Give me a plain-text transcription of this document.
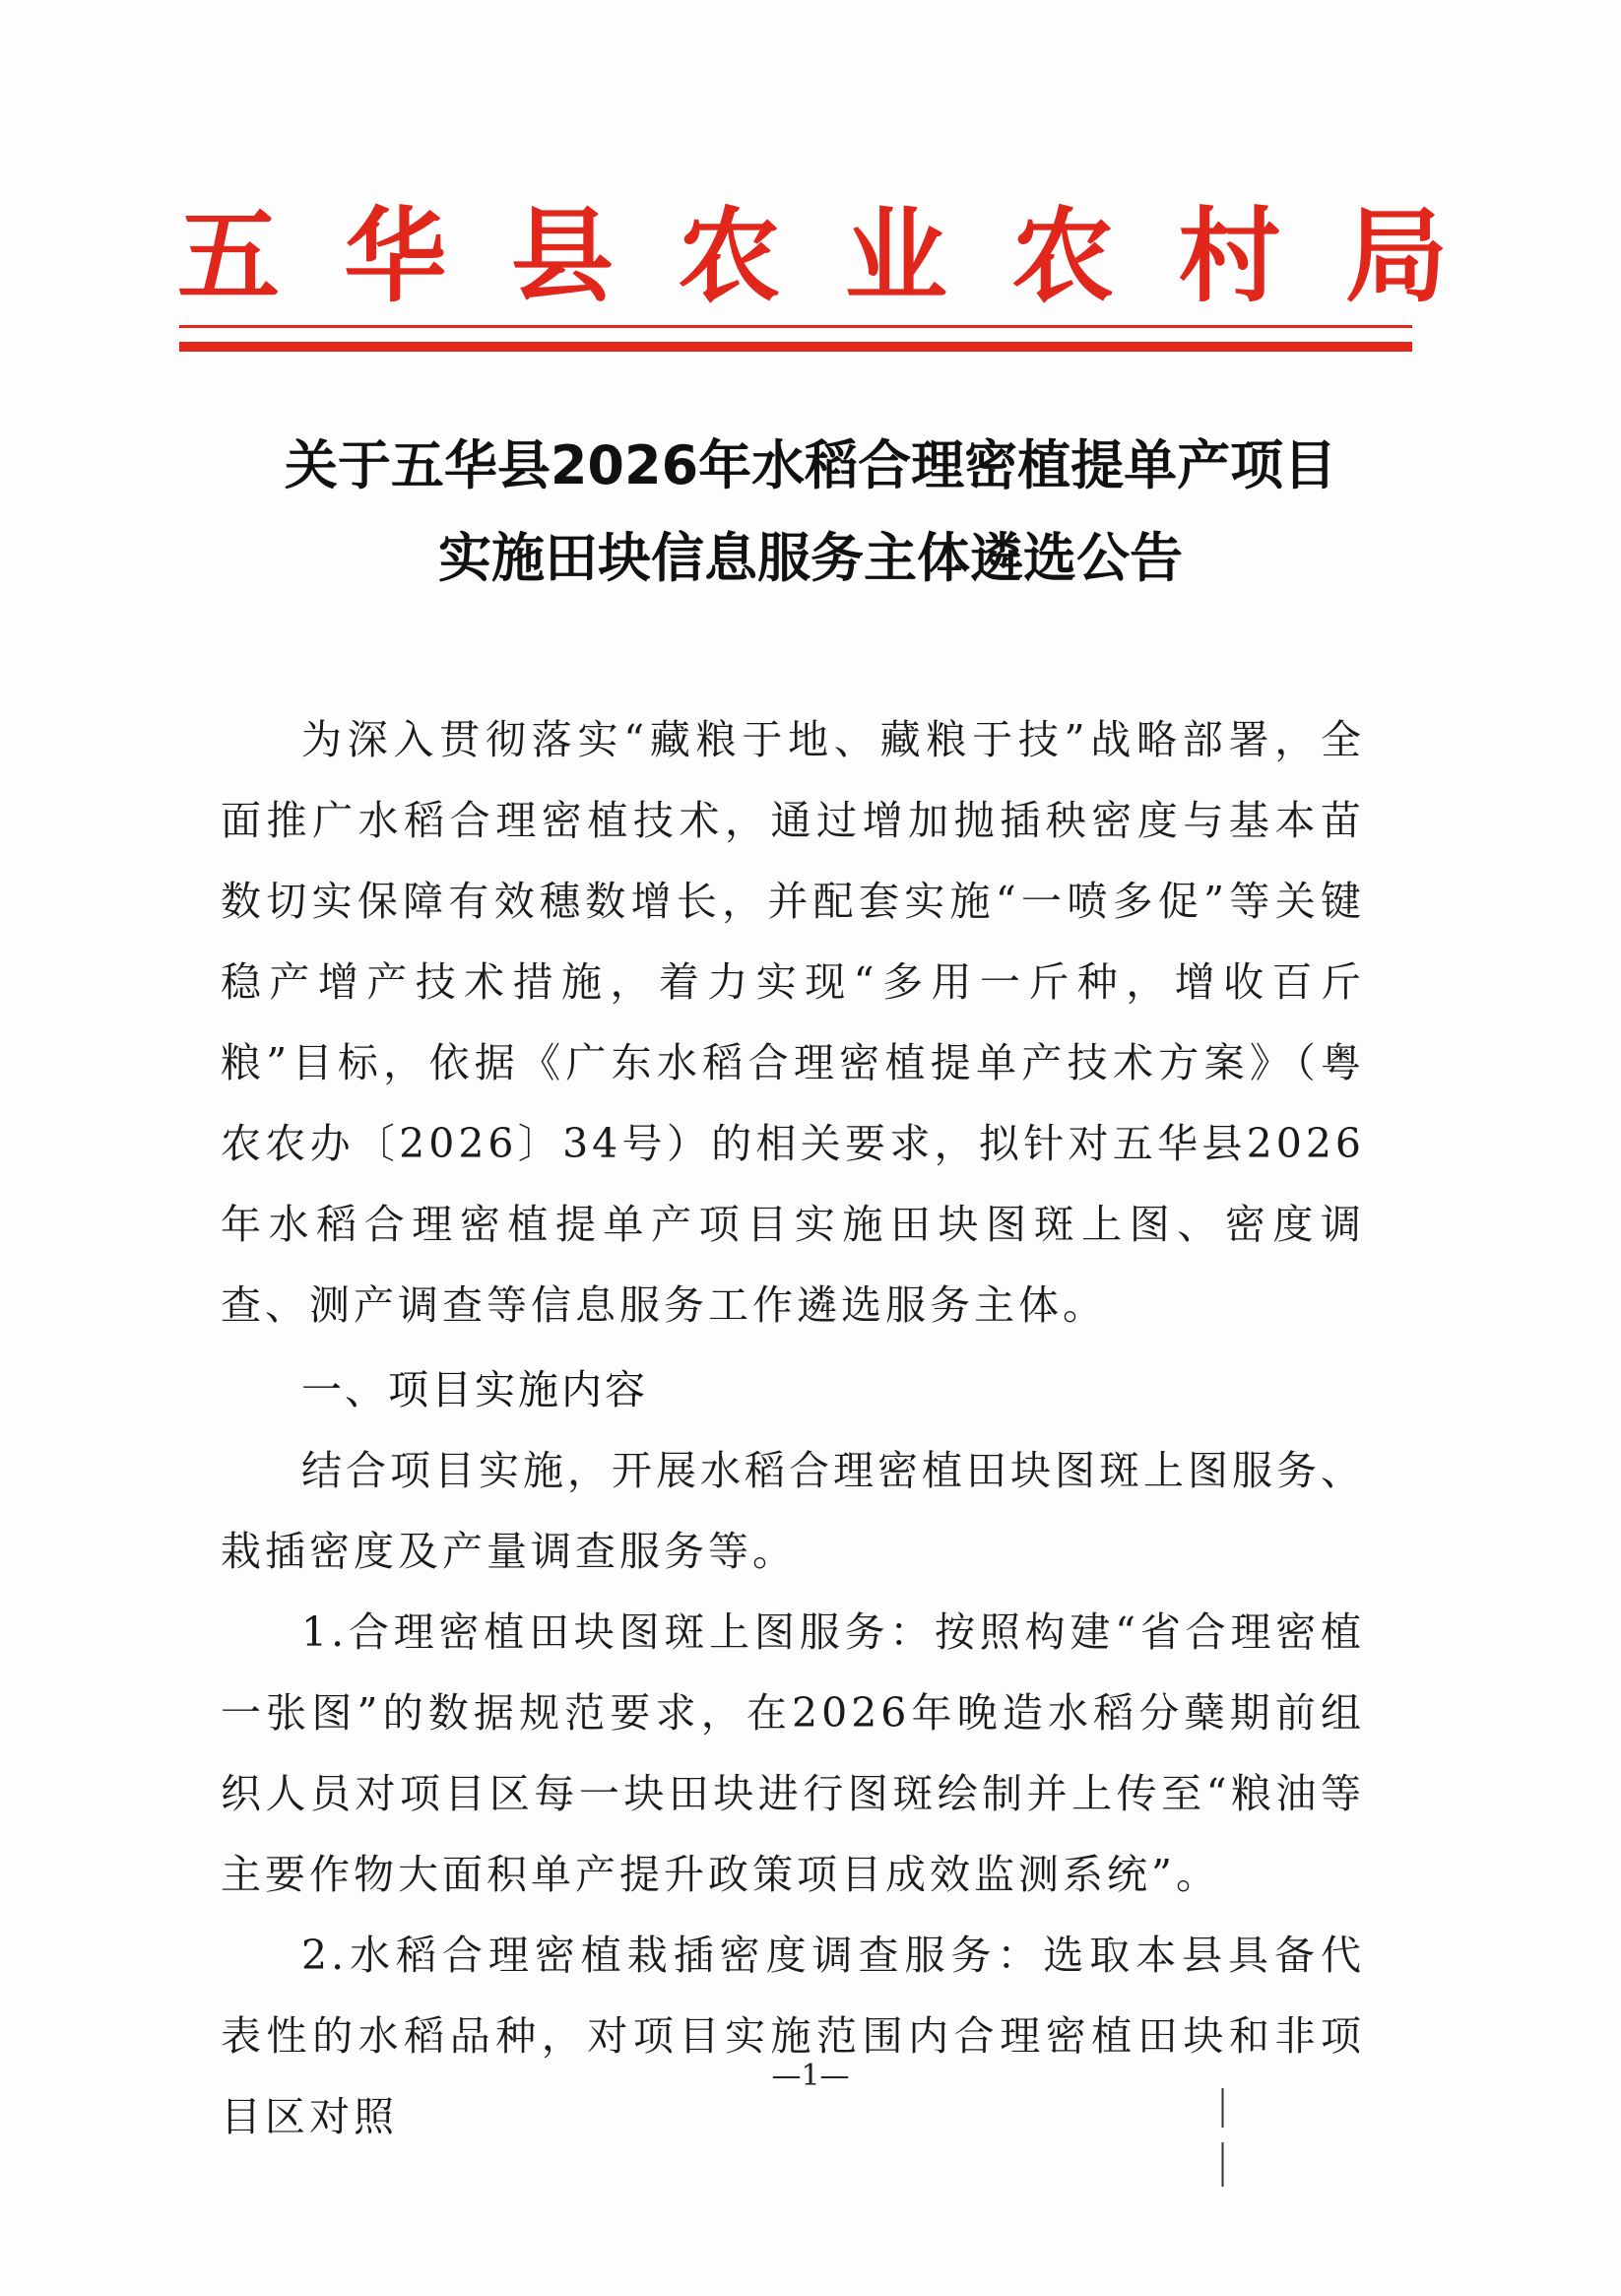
五 华 县 农 业 农 村 局
关于五华县2026年水稻合理密植提单产项目
实施田块信息服务主体遴选公告

为深入贯彻落实“藏粮于地、藏粮于技”战略部署，全面推广水稻合理密植技术，通过增加抛插秧密度与基本苗数切实保障有效穗数增长，并配套实施“一喷多促”等关键稳产增产技术措施，着力实现“多用一斤种，增收百斤粮”目标，依据《广东水稻合理密植提单产技术方案》（粤农农办〔2026〕34号）的相关要求，拟针对五华县2026年水稻合理密植提单产项目实施田块图斑上图、密度调查、测产调查等信息服务工作遴选服务主体。

一、项目实施内容

结合项目实施，开展水稻合理密植田块图斑上图服务、栽插密度及产量调查服务等。

1.合理密植田块图斑上图服务：按照构建“省合理密植一张图”的数据规范要求，在2026年晚造水稻分蘖期前组织人员对项目区每一块田块进行图斑绘制并上传至“粮油等主要作物大面积单产提升政策项目成效监测系统”。

2.水稻合理密植栽插密度调查服务：选取本县具备代表性的水稻品种，对项目实施范围内合理密植田块和非项目区对照

—1—
